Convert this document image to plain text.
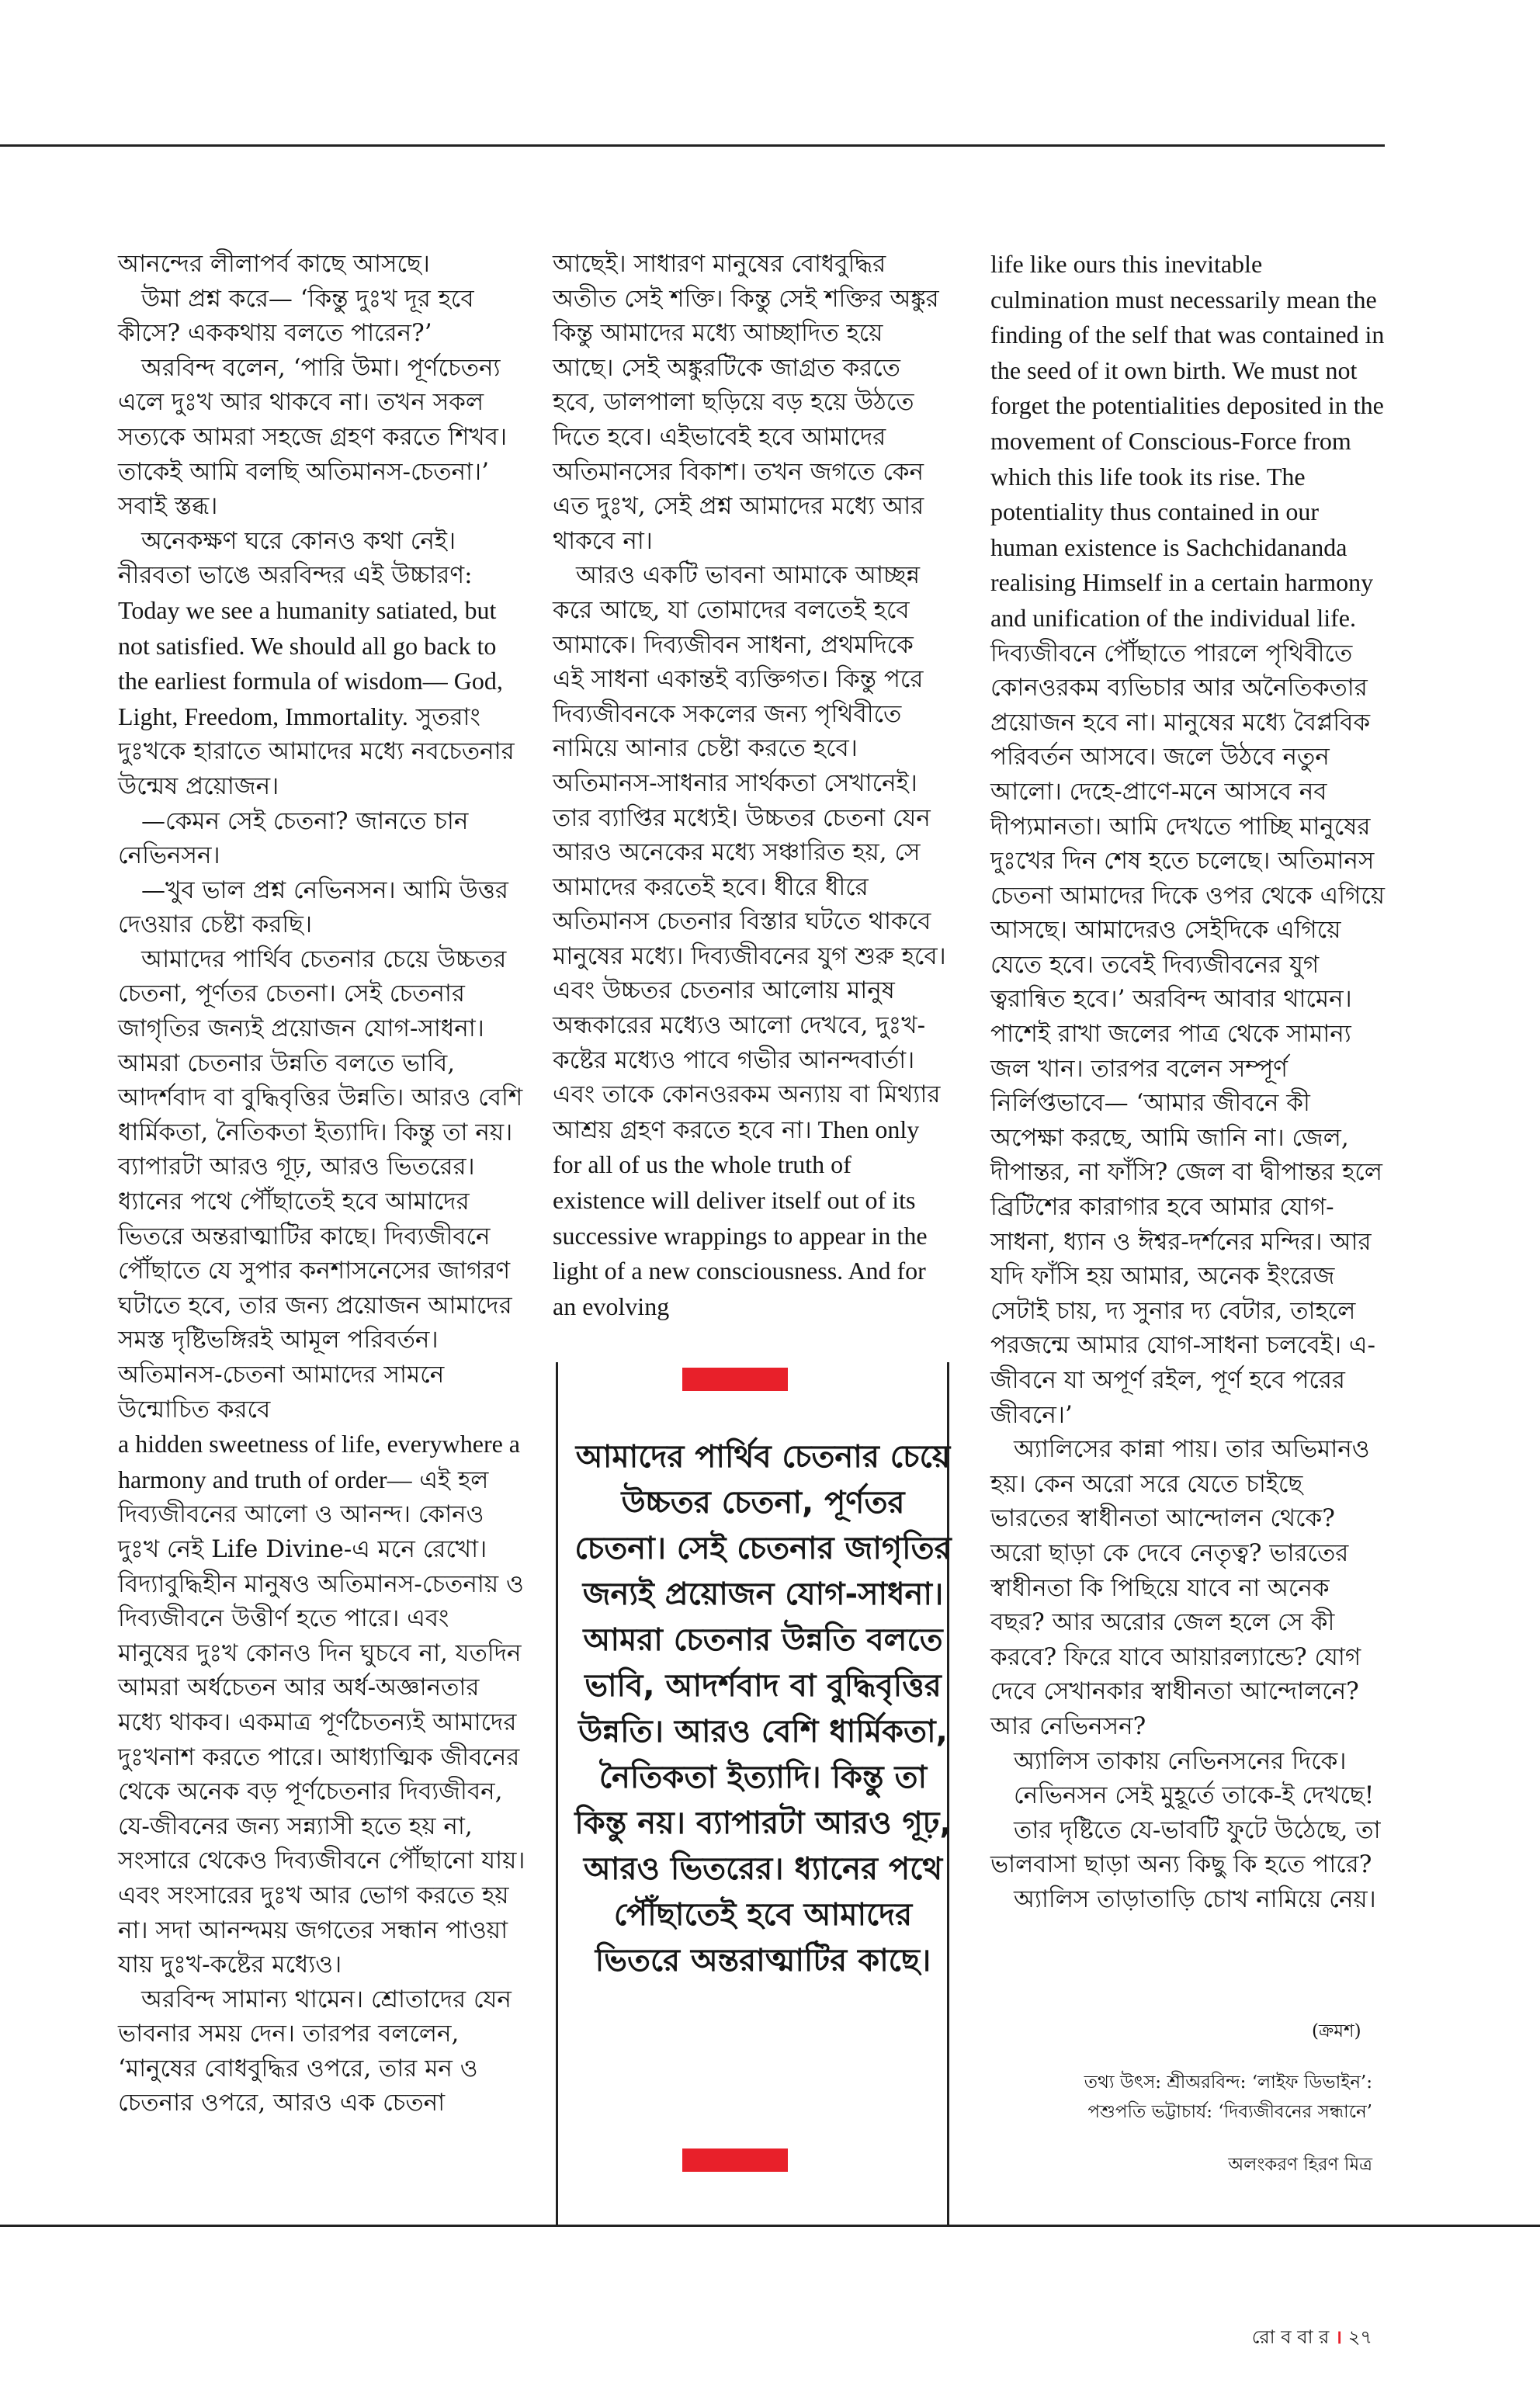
আনন্দের লীলাপর্ব কাছে আসছে।

উমা প্রশ্ন করে— ‘কিন্তু দুঃখ দূর হবে কীসে? এককথায় বলতে পারেন?’

অরবিন্দ বলেন, ‘পারি উমা। পূর্ণচেতন্য এলে দুঃখ আর থাকবে না। তখন সকল সত্যকে আমরা সহজে গ্রহণ করতে শিখব। তাকেই আমি বলছি অতিমানস-চেতনা।’ সবাই স্তব্ধ।

অনেকক্ষণ ঘরে কোনও কথা নেই। নীরবতা ভাঙে অরবিন্দর এই উচ্চারণ:

Today we see a humanity satiated, but not satisfied. We should all go back to the earliest formula of wisdom— God, Light, Freedom, Immortality. সুতরাং দুঃখকে হারাতে আমাদের মধ্যে নবচেতনার উন্মেষ প্রয়োজন।

—কেমন সেই চেতনা? জানতে চান নেভিনসন।

—খুব ভাল প্রশ্ন নেভিনসন। আমি উত্তর দেওয়ার চেষ্টা করছি।

আমাদের পার্থিব চেতনার চেয়ে উচ্চতর চেতনা, পূর্ণতর চেতনা। সেই চেতনার জাগৃতির জন্যই প্রয়োজন যোগ-সাধনা। আমরা চেতনার উন্নতি বলতে ভাবি, আদর্শবাদ বা বুদ্ধিবৃত্তির উন্নতি। আরও বেশি ধার্মিকতা, নৈতিকতা ইত্যাদি। কিন্তু তা নয়। ব্যাপারটা আরও গূঢ়, আরও ভিতরের। ধ্যানের পথে পৌঁছাতেই হবে আমাদের ভিতরে অন্তরাত্মাটির কাছে। দিব্যজীবনে পৌঁছাতে যে সুপার কনশাসনেসের জাগরণ ঘটাতে হবে, তার জন্য প্রয়োজন আমাদের সমস্ত দৃষ্টিভঙ্গিরই আমূল পরিবর্তন। অতিমানস-চেতনা আমাদের সামনে উন্মোচিত করবে

a hidden sweetness of life, everywhere a harmony and truth of order— এই হল দিব্যজীবনের আলো ও আনন্দ। কোনও দুঃখ নেই Life Divine-এ মনে রেখো। বিদ্যাবুদ্ধিহীন মানুষও অতিমানস-চেতনায় ও দিব্যজীবনে উত্তীর্ণ হতে পারে। এবং মানুষের দুঃখ কোনও দিন ঘুচবে না, যতদিন আমরা অর্ধচেতন আর অর্ধ-অজ্ঞানতার মধ্যে থাকব। একমাত্র পূর্ণচৈতন্যই আমাদের দুঃখনাশ করতে পারে। আধ্যাত্মিক জীবনের থেকে অনেক বড় পূর্ণচেতনার দিব্যজীবন, যে-জীবনের জন্য সন্ন্যাসী হতে হয় না, সংসারে থেকেও দিব্যজীবনে পৌঁছানো যায়। এবং সংসারের দুঃখ আর ভোগ করতে হয় না। সদা আনন্দময় জগতের সন্ধান পাওয়া যায় দুঃখ-কষ্টের মধ্যেও।

অরবিন্দ সামান্য থামেন। শ্রোতাদের যেন ভাবনার সময় দেন। তারপর বললেন, ‘মানুষের বোধবুদ্ধির ওপরে, তার মন ও চেতনার ওপরে, আরও এক চেতনা

আছেই। সাধারণ মানুষের বোধবুদ্ধির অতীত সেই শক্তি। কিন্তু সেই শক্তির অঙ্কুর কিন্তু আমাদের মধ্যে আচ্ছাদিত হয়ে আছে। সেই অঙ্কুরটিকে জাগ্রত করতে হবে, ডালপালা ছড়িয়ে বড় হয়ে উঠতে দিতে হবে। এইভাবেই হবে আমাদের অতিমানসের বিকাশ। তখন জগতে কেন এত দুঃখ, সেই প্রশ্ন আমাদের মধ্যে আর থাকবে না।

আরও একটি ভাবনা আমাকে আচ্ছন্ন করে আছে, যা তোমাদের বলতেই হবে আমাকে। দিব্যজীবন সাধনা, প্রথমদিকে এই সাধনা একান্তই ব্যক্তিগত। কিন্তু পরে দিব্যজীবনকে সকলের জন্য পৃথিবীতে নামিয়ে আনার চেষ্টা করতে হবে। অতিমানস-সাধনার সার্থকতা সেখানেই। তার ব্যাপ্তির মধ্যেই। উচ্চতর চেতনা যেন আরও অনেকের মধ্যে সঞ্চারিত হয়, সে আমাদের করতেই হবে। ধীরে ধীরে অতিমানস চেতনার বিস্তার ঘটতে থাকবে মানুষের মধ্যে। দিব্যজীবনের যুগ শুরু হবে। এবং উচ্চতর চেতনার আলোয় মানুষ অন্ধকারের মধ্যেও আলো দেখবে, দুঃখ-কষ্টের মধ্যেও পাবে গভীর আনন্দবার্তা। এবং তাকে কোনওরকম অন্যায় বা মিথ্যার আশ্রয় গ্রহণ করতে হবে না। Then only for all of us the whole truth of existence will deliver itself out of its successive wrappings to appear in the light of a new consciousness. And for an evolving

আমাদের পার্থিব চেতনার চেয়ে উচ্চতর চেতনা, পূর্ণতর চেতনা। সেই চেতনার জাগৃতির জন্যই প্রয়োজন যোগ-সাধনা। আমরা চেতনার উন্নতি বলতে ভাবি, আদর্শবাদ বা বুদ্ধিবৃত্তির উন্নতি। আরও বেশি ধার্মিকতা, নৈতিকতা ইত্যাদি। কিন্তু তা কিন্তু নয়। ব্যাপারটা আরও গূঢ়, আরও ভিতরের। ধ্যানের পথে পৌঁছাতেই হবে আমাদের ভিতরে অন্তরাত্মাটির কাছে।

life like ours this inevitable culmination must necessarily mean the finding of the self that was contained in the seed of it own birth. We must not forget the potentialities deposited in the movement of Conscious-Force from which this life took its rise. The potentiality thus contained in our human existence is Sachchidananda realising Himself in a certain harmony and unification of the individual life. দিব্যজীবনে পৌঁছাতে পারলে পৃথিবীতে কোনওরকম ব্যভিচার আর অনৈতিকতার প্রয়োজন হবে না। মানুষের মধ্যে বৈপ্লবিক পরিবর্তন আসবে। জলে উঠবে নতুন আলো। দেহে-প্রাণে-মনে আসবে নব দীপ্যমানতা। আমি দেখতে পাচ্ছি মানুষের দুঃখের দিন শেষ হতে চলেছে। অতিমানস চেতনা আমাদের দিকে ওপর থেকে এগিয়ে আসছে। আমাদেরও সেইদিকে এগিয়ে যেতে হবে। তবেই দিব্যজীবনের যুগ ত্বরান্বিত হবে।’ অরবিন্দ আবার থামেন। পাশেই রাখা জলের পাত্র থেকে সামান্য জল খান। তারপর বলেন সম্পূর্ণ নির্লিপ্তভাবে— ‘আমার জীবনে কী অপেক্ষা করছে, আমি জানি না। জেল, দীপান্তর, না ফাঁসি? জেল বা দ্বীপান্তর হলে ব্রিটিশের কারাগার হবে আমার যোগ-সাধনা, ধ্যান ও ঈশ্বর-দর্শনের মন্দির। আর যদি ফাঁসি হয় আমার, অনেক ইংরেজ সেটাই চায়, দ্য সুনার দ্য বেটার, তাহলে পরজন্মে আমার যোগ-সাধনা চলবেই। এ-জীবনে যা অপূর্ণ রইল, পূর্ণ হবে পরের জীবনে।’

অ্যালিসের কান্না পায়। তার অভিমানও হয়। কেন অরো সরে যেতে চাইছে ভারতের স্বাধীনতা আন্দোলন থেকে? অরো ছাড়া কে দেবে নেতৃত্ব? ভারতের স্বাধীনতা কি পিছিয়ে যাবে না অনেক বছর? আর অরোর জেল হলে সে কী করবে? ফিরে যাবে আয়ারল্যান্ডে? যোগ দেবে সেখানকার স্বাধীনতা আন্দোলনে? আর নেভিনসন?

অ্যালিস তাকায় নেভিনসনের দিকে।

নেভিনসন সেই মুহূর্তে তাকে-ই দেখছে!

তার দৃষ্টিতে যে-ভাবটি ফুটে উঠেছে, তা ভালবাসা ছাড়া অন্য কিছু কি হতে পারে?

অ্যালিস তাড়াতাড়ি চোখ নামিয়ে নেয়।

(ক্রমশ)
তথ্য উৎস: শ্রীঅরবিন্দ: ‘লাইফ ডিভাইন’:
পশুপতি ভট্টাচার্য: ‘দিব্যজীবনের সন্ধানে’
অলংকরণ হিরণ মিত্র
রো ব বা র । ২৭
